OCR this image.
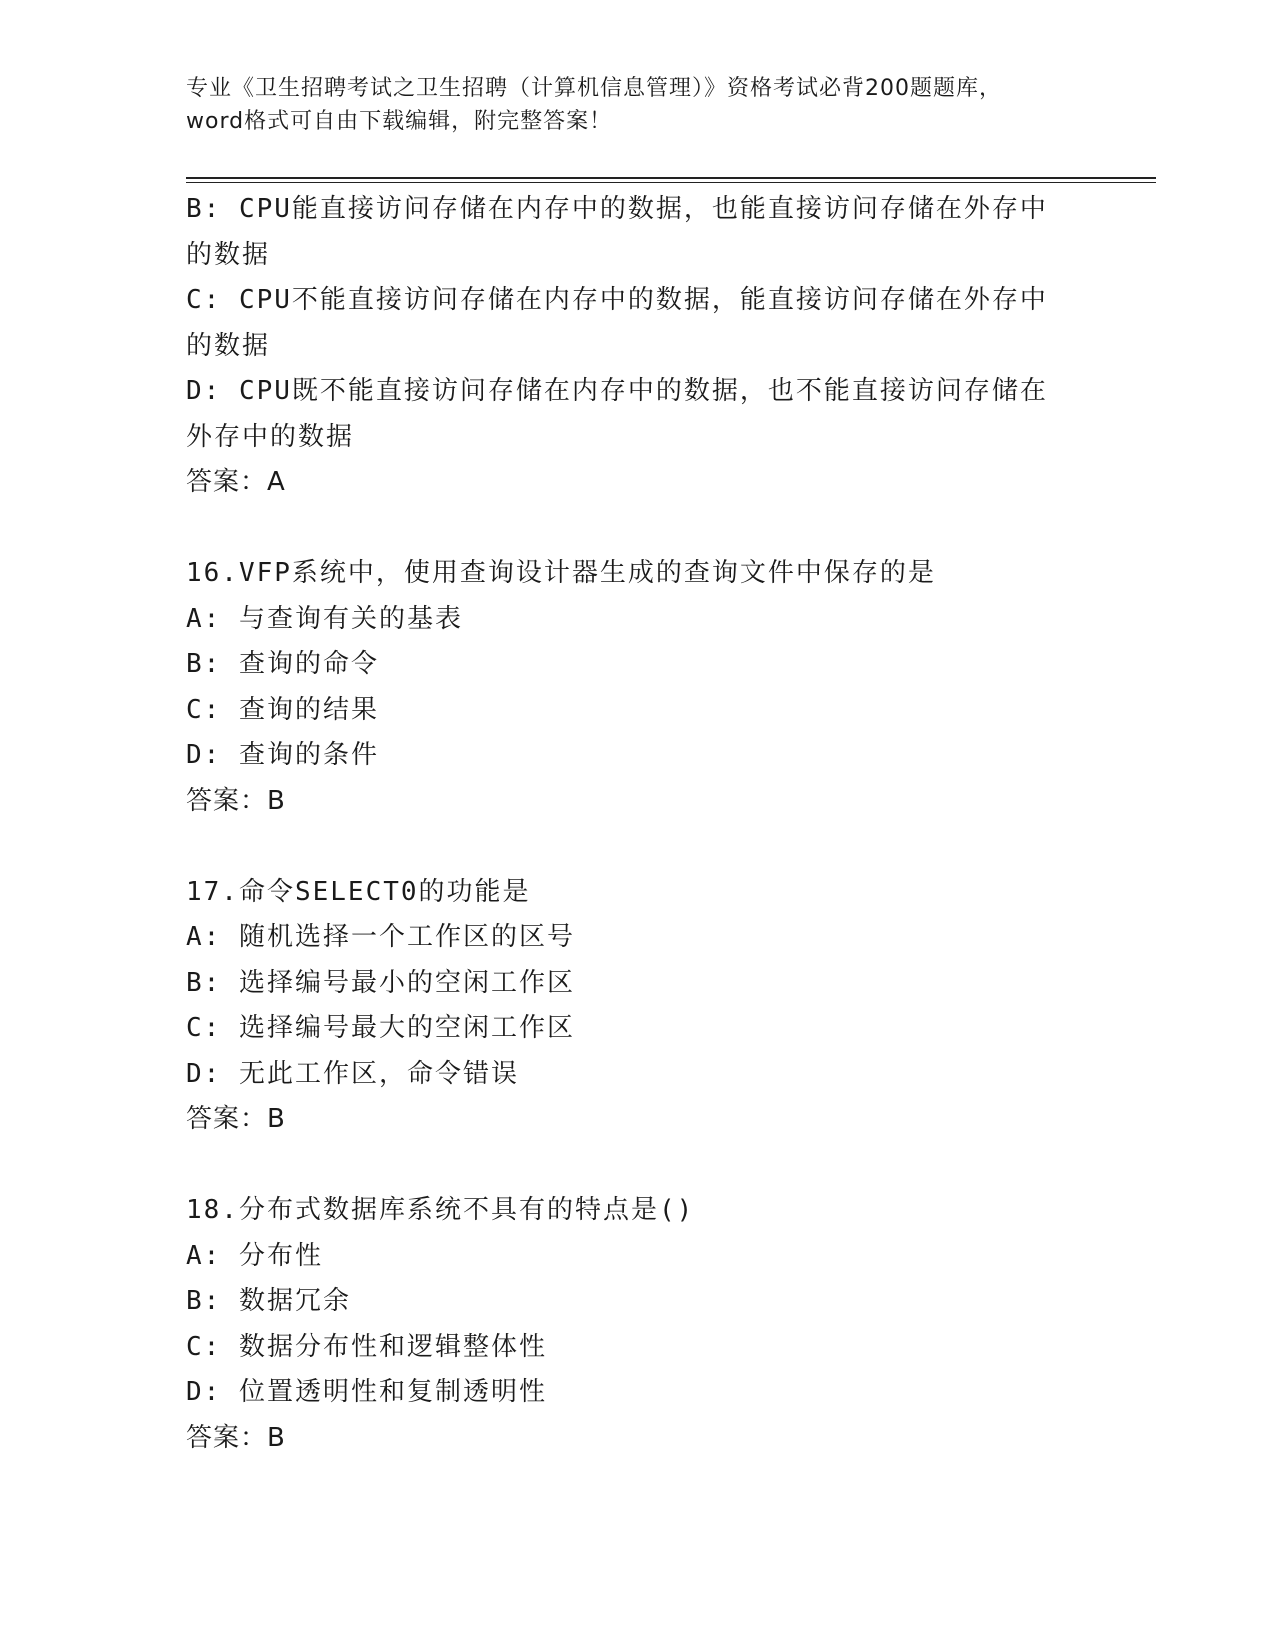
专业《卫生招聘考试之卫生招聘（计算机信息管理）》资格考试必背200题题库，
word格式可自由下载编辑，附完整答案！

B: CPU能直接访问存储在内存中的数据，也能直接访问存储在外存中

的数据

C: CPU不能直接访问存储在内存中的数据，能直接访问存储在外存中

的数据

D: CPU既不能直接访问存储在内存中的数据，也不能直接访问存储在

外存中的数据

答案：A

16.VFP系统中，使用查询设计器生成的查询文件中保存的是

A: 与查询有关的基表

B: 查询的命令

C: 查询的结果

D: 查询的条件

答案：B

17.命令SELECT0的功能是

A: 随机选择一个工作区的区号

B: 选择编号最小的空闲工作区

C: 选择编号最大的空闲工作区

D: 无此工作区，命令错误

答案：B

18.分布式数据库系统不具有的特点是()

A: 分布性

B: 数据冗余

C: 数据分布性和逻辑整体性

D: 位置透明性和复制透明性

答案：B
